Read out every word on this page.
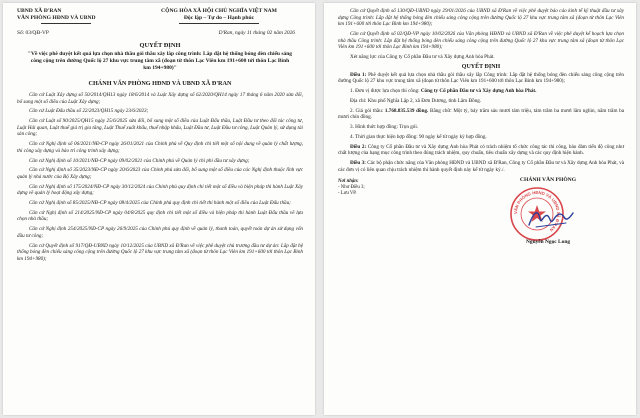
UBND XÃ Đ'RAN
VĂN PHÒNG HĐND VÀ UBND
CỘNG HÒA XÃ HỘI CHỦ NGHĨA VIỆT NAM
Độc lập – Tự do – Hạnh phúc
Số: 03/QĐ-VP	D'Ran, ngày 11 tháng 02 năm 2026
QUYẾT ĐỊNH
"Về việc phê duyệt kết quả lựa chọn nhà thầu gói thầu xây lắp công trình: Lắp đặt hệ thống bóng đèn chiếu sáng công cộng trên đường Quốc lộ 27 khu vực trung tâm xã (đoạn từ thôn Lạc Viên km 191+600 tới thôn Lạc Bình km 194+980)"
CHÁNH VĂN PHÒNG HĐND VÀ UBND XÃ Đ'RAN

Căn cứ Luật Xây dựng số 50/2014/QH13 ngày 18/6/2014 và Luật Xây dựng số 62/2020/QH14 ngày 17 tháng 6 năm 2020 sửa đổi, bổ sung một số điều của Luật Xây dựng;

Căn cứ Luật Đấu thầu số 22/2023/QH15 ngày 23/6/2023;

Căn cứ Luật số 90/2025/QH15 ngày 25/6/2025 sửa đổi, bổ sung một số điều của Luật Đấu thầu, Luật Đầu tư theo đối tác công tư, Luật Hải quan, Luật thuế giá trị gia tăng, Luật Thuế xuất khẩu, thuế nhập khẩu, Luật Đầu tư, Luật Đầu tư công, Luật Quản lý, sử dụng tài sản công;

Căn cứ Nghị định số 06/2021/NĐ-CP ngày 26/01/2021 của Chính phủ về Quy định chi tiết một số nội dung về quản lý chất lượng, thi công xây dựng và bảo trì công trình xây dựng;

Căn cứ Nghị định số 10/2021/NĐ-CP ngày 09/02/2021 của Chính phủ về Quản lý chi phí đầu tư xây dựng;

Căn cứ Nghị định số 35/2023/NĐ-CP ngày 20/6/2023 của Chính phủ sửa đổi, bổ sung một số điều của các Nghị định thuộc lĩnh vực quản lý nhà nước của Bộ Xây dựng;

Căn cứ Nghị định số 175/2024/NĐ-CP ngày 30/12/2024 của Chính phủ quy định chi tiết một số điều và biện pháp thi hành Luật Xây dựng về quản lý hoạt động xây dựng;

Căn cứ Nghị định số 85/2025/NĐ-CP ngày 08/4/2025 của Chính phủ quy định chi tiết thi hành một số điều của Luật Đấu thầu;

Căn cứ Nghị định số 214/2025/NĐ-CP ngày 04/8/2025 quy định chi tiết một số điều và biện pháp thi hành Luật Đấu thầu về lựa chọn nhà thầu;

Căn cứ Nghị định 254/2025/NĐ-CP ngày 26/9/2025 của Chính phủ quy định về quản lý, thanh toán, quyết toán dự án sử dụng vốn đầu tư công;

Căn cứ Quyết định số 917/QĐ-UBND ngày 10/12/2025 của UBND xã Đ'Ran về việc phê duyệt chủ trương đầu tư dự án: Lắp đặt hệ thống bóng đèn chiếu sáng công cộng trên đường Quốc lộ 27 khu vực trung tâm xã (đoạn từ thôn Lạc Viên km 191+600 tới thôn Lạc Bình km 194+980);

Căn cứ Quyết định số 130/QĐ-UBND ngày 29/01/2026 của UBND xã Đ'Ran về việc phê duyệt báo cáo kinh tế kỹ thuật đầu tư xây dựng Công trình: Lắp đặt hệ thống bóng đèn chiếu sáng công cộng trên đường Quốc lộ 27 khu vực trung tâm xã (đoạn từ thôn Lạc Viên km 191+600 tới thôn Lạc Bình km 194+980);

Căn cứ Quyết định số 02/QĐ-VP ngày 10/02/2026 của Văn phòng HĐND và UBND xã Đ'Ran về việc phê duyệt kế hoạch lựa chọn nhà thầu Công trình: Lắp đặt hệ thống bóng đèn chiếu sáng công cộng trên đường Quốc lộ 27 khu vực trung tâm xã (đoạn từ thôn Lạc Viên km 191+600 tới thôn Lạc Bình km 194+980);

Xét năng lực của Công ty Cổ phần Đầu tư và Xây dựng Anh hòa Phát.

QUYẾT ĐỊNH

Điều 1: Phê duyệt kết quả lựa chọn nhà thầu gói thầu xây lắp Công trình: Lắp đặt hệ thống bóng đèn chiếu sáng công cộng trên đường Quốc lộ 27 khu vực trung tâm xã (đoạn từ thôn Lạc Viên km 191+600 tới thôn Lạc Bình km 194+980);

1. Đơn vị được lựa chọn thi công: Công ty Cổ phần Đầu tư và Xây dựng Anh hòa Phát.

Địa chỉ: Khu phố Nghĩa Lập 2, xã Đơn Dương, tỉnh Lâm Đồng.

2. Giá gói thầu: 1.768.835.539 đồng. Bằng chữ: Một tỷ, bảy trăm sáu mươi tám triệu, tám trăm ba mươi lăm nghìn, năm trăm ba mươi chín đồng.

3. Hình thức hợp đồng: Trọn gói.

4. Thời gian thực hiện hợp đồng: 90 ngày kể từ ngày ký hợp đồng.

Điều 2: Công ty Cổ phần Đầu tư và Xây dựng Anh hòa Phát có trách nhiệm tổ chức công tác thi công, bảo đảm tiến độ công như chất lượng của hạng mục công trình theo đúng trách nhiệm, quy chuẩn, tiêu chuẩn xây dựng và các quy định hiện hành.

Điều 3: Các bộ phận chức năng của Văn phòng HĐND và UBND xã Đ'Ran, Công ty Cổ phần Đầu tư và Xây dựng Anh hòa Phát, và các đơn vị có liên quan chịu trách nhiệm thi hành quyết định này kể từ ngày ký./.

Nơi nhận:
- Như Điều 3;
- Lưu VP.
CHÁNH VĂN PHÒNG
VĂN PHÒNG HĐND VÀ UBND XÃ Đ'RAN
Nguyễn Ngọc Long
